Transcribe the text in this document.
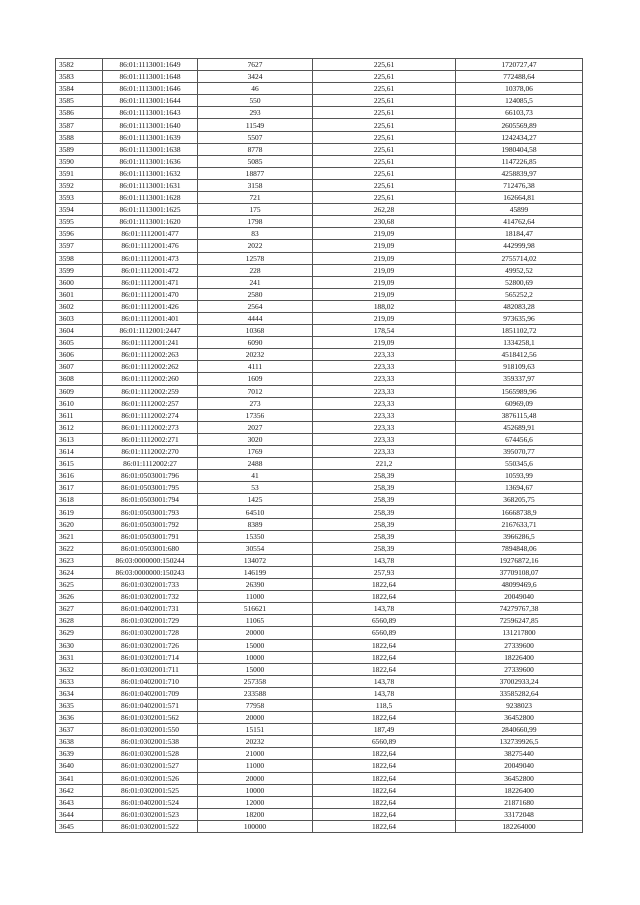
3582	86:01:1113001:1649	7627	225,61	1720727,47
3583	86:01:1113001:1648	3424	225,61	772488,64
3584	86:01:1113001:1646	46	225,61	10378,06
3585	86:01:1113001:1644	550	225,61	124085,5
3586	86:01:1113001:1643	293	225,61	66103,73
3587	86:01:1113001:1640	11549	225,61	2605569,89
3588	86:01:1113001:1639	5507	225,61	1242434,27
3589	86:01:1113001:1638	8778	225,61	1980404,58
3590	86:01:1113001:1636	5085	225,61	1147226,85
3591	86:01:1113001:1632	18877	225,61	4258839,97
3592	86:01:1113001:1631	3158	225,61	712476,38
3593	86:01:1113001:1628	721	225,61	162664,81
3594	86:01:1113001:1625	175	262,28	45899
3595	86:01:1113001:1620	1798	230,68	414762,64
3596	86:01:1112001:477	83	219,09	18184,47
3597	86:01:1112001:476	2022	219,09	442999,98
3598	86:01:1112001:473	12578	219,09	2755714,02
3599	86:01:1112001:472	228	219,09	49952,52
3600	86:01:1112001:471	241	219,09	52800,69
3601	86:01:1112001:470	2580	219,09	565252,2
3602	86:01:1112001:426	2564	188,02	482083,28
3603	86:01:1112001:401	4444	219,09	973635,96
3604	86:01:1112001:2447	10368	178,54	1851102,72
3605	86:01:1112001:241	6090	219,09	1334258,1
3606	86:01:1112002:263	20232	223,33	4518412,56
3607	86:01:1112002:262	4111	223,33	918109,63
3608	86:01:1112002:260	1609	223,33	359337,97
3609	86:01:1112002:259	7012	223,33	1565989,96
3610	86:01:1112002:257	273	223,33	60969,09
3611	86:01:1112002:274	17356	223,33	3876115,48
3612	86:01:1112002:273	2027	223,33	452689,91
3613	86:01:1112002:271	3020	223,33	674456,6
3614	86:01:1112002:270	1769	223,33	395070,77
3615	86:01:1112002:27	2488	221,2	550345,6
3616	86:01:0503001:796	41	258,39	10593,99
3617	86:01:0503001:795	53	258,39	13694,67
3618	86:01:0503001:794	1425	258,39	368205,75
3619	86:01:0503001:793	64510	258,39	16668738,9
3620	86:01:0503001:792	8389	258,39	2167633,71
3621	86:01:0503001:791	15350	258,39	3966286,5
3622	86:01:0503001:680	30554	258,39	7894848,06
3623	86:03:0000000:150244	134072	143,78	19276872,16
3624	86:03:0000000:150243	146199	257,93	37709108,07
3625	86:01:0302001:733	26390	1822,64	48099469,6
3626	86:01:0302001:732	11000	1822,64	20049040
3627	86:01:0402001:731	516621	143,78	74279767,38
3628	86:01:0302001:729	11065	6560,89	72596247,85
3629	86:01:0302001:728	20000	6560,89	131217800
3630	86:01:0302001:726	15000	1822,64	27339600
3631	86:01:0302001:714	10000	1822,64	18226400
3632	86:01:0302001:711	15000	1822,64	27339600
3633	86:01:0402001:710	257358	143,78	37002933,24
3634	86:01:0402001:709	233588	143,78	33585282,64
3635	86:01:0402001:571	77958	118,5	9238023
3636	86:01:0302001:562	20000	1822,64	36452800
3637	86:01:0302001:550	15151	187,49	2840660,99
3638	86:01:0302001:538	20232	6560,89	132739926,5
3639	86:01:0302001:528	21000	1822,64	38275440
3640	86:01:0302001:527	11000	1822,64	20049040
3641	86:01:0302001:526	20000	1822,64	36452800
3642	86:01:0302001:525	10000	1822,64	18226400
3643	86:01:0402001:524	12000	1822,64	21871680
3644	86:01:0302001:523	18200	1822,64	33172048
3645	86:01:0302001:522	100000	1822,64	182264000
